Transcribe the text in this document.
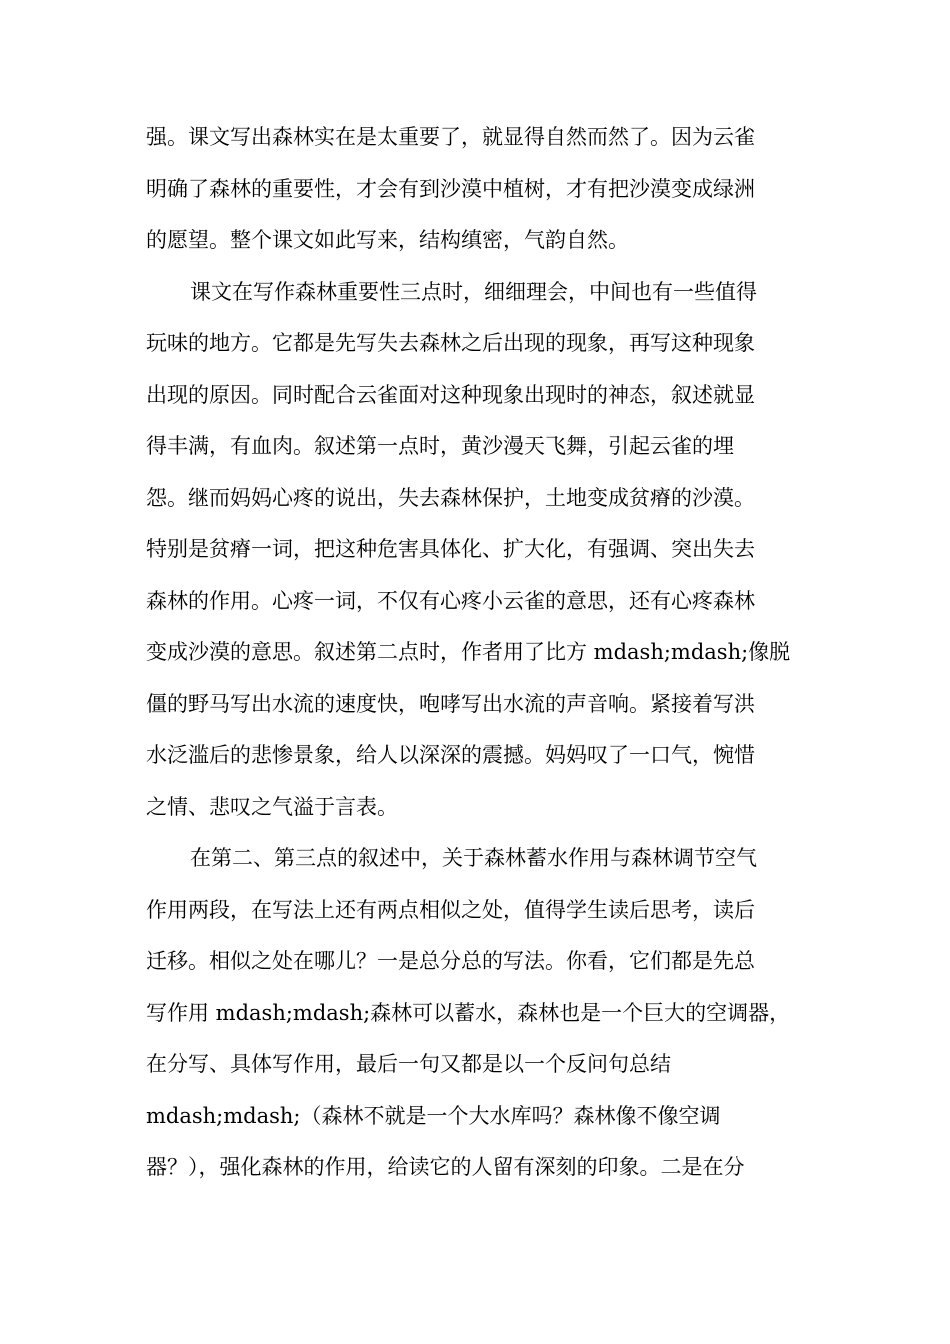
强。课文写出森林实在是太重要了，就显得自然而然了。因为云雀
明确了森林的重要性，才会有到沙漠中植树，才有把沙漠变成绿洲
的愿望。整个课文如此写来，结构缜密，气韵自然。
课文在写作森林重要性三点时，细细理会，中间也有一些值得
玩味的地方。它都是先写失去森林之后出现的现象，再写这种现象
出现的原因。同时配合云雀面对这种现象出现时的神态，叙述就显
得丰满，有血肉。叙述第一点时，黄沙漫天飞舞，引起云雀的埋
怨。继而妈妈心疼的说出，失去森林保护，土地变成贫瘠的沙漠。
特别是贫瘠一词，把这种危害具体化、扩大化，有强调、突出失去
森林的作用。心疼一词，不仅有心疼小云雀的意思，还有心疼森林
变成沙漠的意思。叙述第二点时，作者用了比方 mdash;mdash;像脱
僵的野马写出水流的速度快，咆哮写出水流的声音响。紧接着写洪
水泛滥后的悲惨景象，给人以深深的震撼。妈妈叹了一口气，惋惜
之情、悲叹之气溢于言表。
在第二、第三点的叙述中，关于森林蓄水作用与森林调节空气
作用两段，在写法上还有两点相似之处，值得学生读后思考，读后
迁移。相似之处在哪儿？一是总分总的写法。你看，它们都是先总
写作用 mdash;mdash;森林可以蓄水，森林也是一个巨大的空调器，
在分写、具体写作用，最后一句又都是以一个反问句总结
mdash;mdash;（森林不就是一个大水库吗？森林像不像空调
器？），强化森林的作用，给读它的人留有深刻的印象。二是在分
